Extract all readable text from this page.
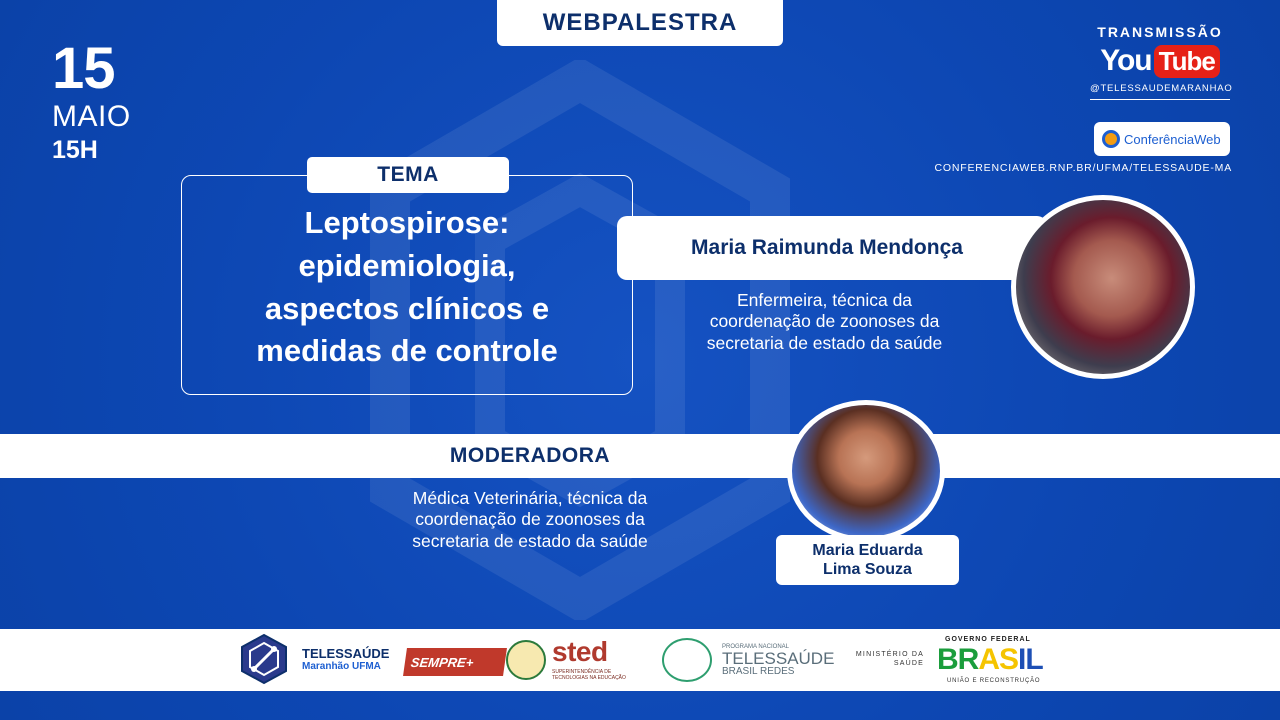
WEBPALESTRA
15
MAIO
15H
TRANSMISSÃO
You Tube
@TELESSAUDEMARANHAO
ConferênciaWeb
CONFERENCIAWEB.RNP.BR/UFMA/TELESSAUDE-MA
TEMA
Leptospirose:
epidemiologia,
aspectos clínicos e
medidas de controle
Maria Raimunda Mendonça
Enfermeira, técnica da
coordenação de zoonoses da
secretaria de estado da saúde
MODERADORA
Médica Veterinária, técnica da
coordenação de zoonoses da
secretaria de estado da saúde	Maria Eduarda
Lima Souza
TELESSAÚDE
Maranhão UFMA	SEMPRE+	sted
SUPERINTENDÊNCIA DE TECNOLOGIAS NA EDUCAÇÃO
PROGRAMA NACIONAL
TELESSAÚDE
BRASIL REDES
MINISTÉRIO DA
SAÚDE
GOVERNO FEDERAL
BRASIL
UNIÃO E RECONSTRUÇÃO
